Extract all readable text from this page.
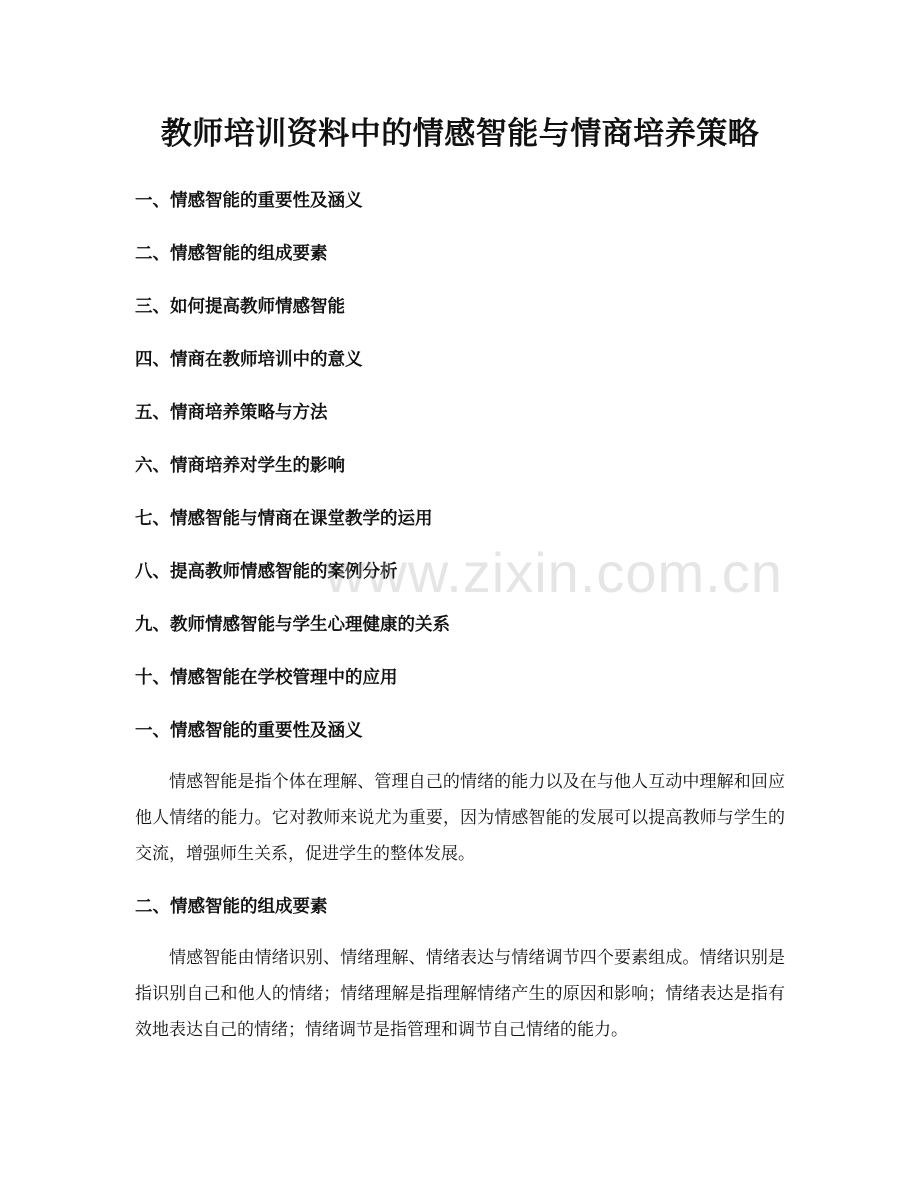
教师培训资料中的情感智能与情商培养策略
一、情感智能的重要性及涵义
二、情感智能的组成要素
三、如何提高教师情感智能
四、情商在教师培训中的意义
五、情商培养策略与方法
六、情商培养对学生的影响
七、情感智能与情商在课堂教学的运用
八、提高教师情感智能的案例分析
九、教师情感智能与学生心理健康的关系
十、情感智能在学校管理中的应用
一、情感智能的重要性及涵义

情感智能是指个体在理解、管理自己的情绪的能力以及在与他人互动中理解和回应他人情绪的能力。它对教师来说尤为重要，因为情感智能的发展可以提高教师与学生的交流，增强师生关系，促进学生的整体发展。

二、情感智能的组成要素

情感智能由情绪识别、情绪理解、情绪表达与情绪调节四个要素组成。情绪识别是指识别自己和他人的情绪；情绪理解是指理解情绪产生的原因和影响；情绪表达是指有效地表达自己的情绪；情绪调节是指管理和调节自己情绪的能力。

www.zixin.com.cn
